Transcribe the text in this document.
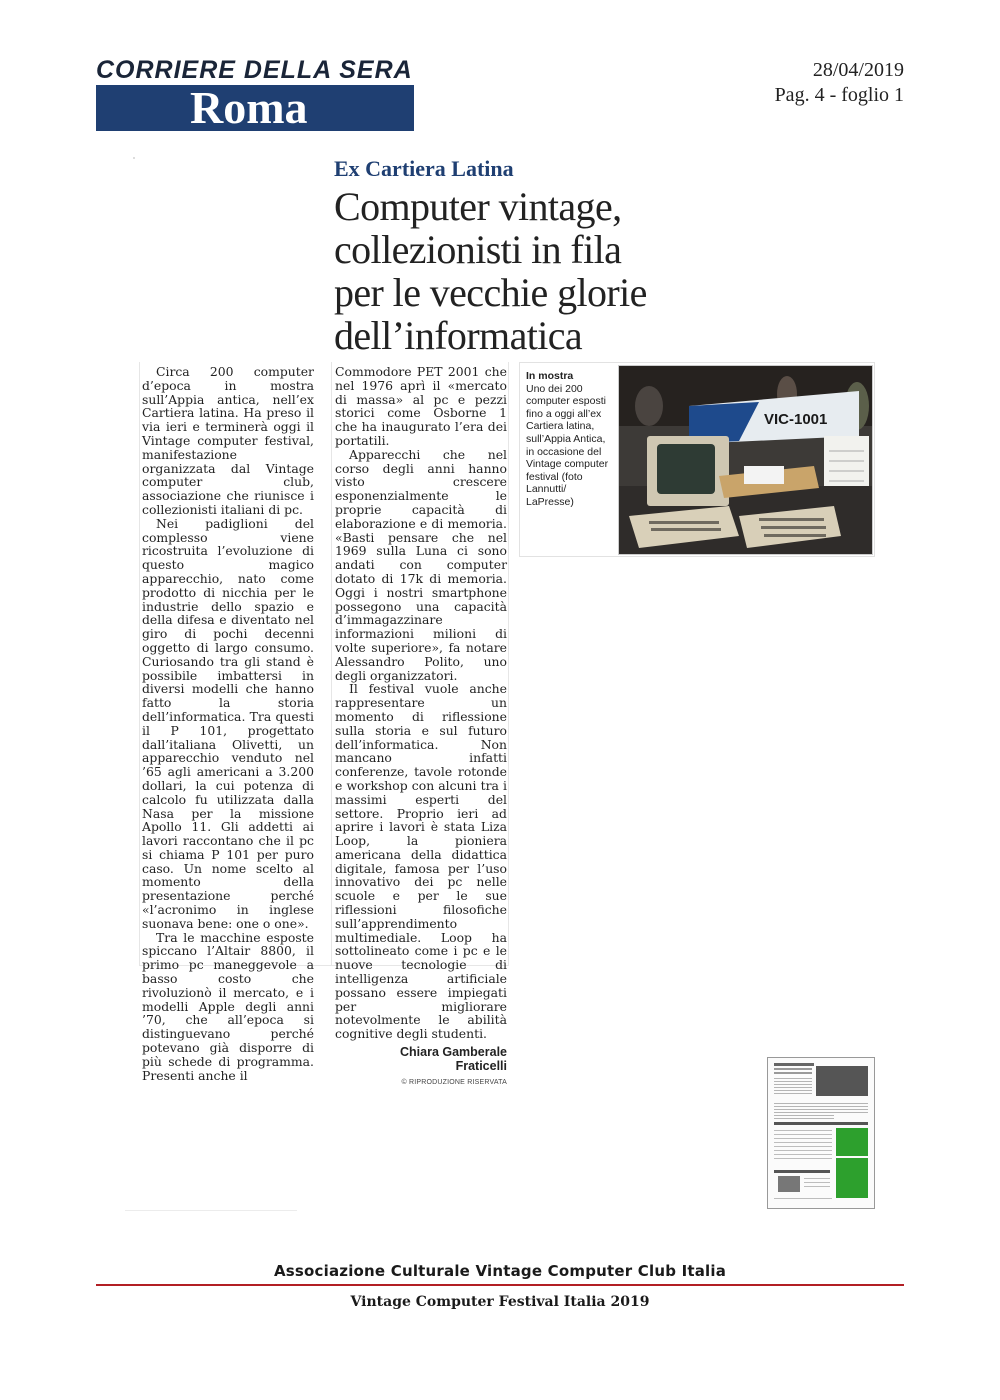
CORRIERE DELLA SERA
Roma
28/04/2019
Pag. 4 - foglio 1
Ex Cartiera Latina
Computer vintage, collezionisti in fila per le vecchie glorie dell’informatica

Circa 200 computer d’epoca in mostra sull’Appia antica, nell’ex Cartiera latina. Ha preso il via ieri e terminerà oggi il Vintage computer festival, manifestazione organizzata dal Vintage computer club, associazione che riunisce i collezionisti italiani di pc.

Nei padiglioni del complesso viene ricostruita l’evoluzione di questo magico apparecchio, nato come prodotto di nicchia per le industrie dello spazio e della difesa e diventato nel giro di pochi decenni oggetto di largo consumo. Curiosando tra gli stand è possibile imbattersi in diversi modelli che hanno fatto la storia dell’informatica. Tra questi il P 101, progettato dall’italiana Olivetti, un apparecchio venduto nel ’65 agli americani a 3.200 dollari, la cui potenza di calcolo fu utilizzata dalla Nasa per la missione Apollo 11. Gli addetti ai lavori raccontano che il pc si chiama P 101 per puro caso. Un nome scelto al momento della presentazione perché «l’acronimo in inglese suonava bene: one o one».

Tra le macchine esposte spiccano l’Altair 8800, il primo pc maneggevole a basso costo che rivoluzionò il mercato, e i modelli Apple degli anni ’70, che all’epoca si distinguevano perché potevano già disporre di più schede di programma. Presenti anche il

Commodore PET 2001 che nel 1976 aprì il «mercato di massa» al pc e pezzi storici come Osborne 1 che ha inaugurato l’era dei portatili.

Apparecchi che nel corso degli anni hanno visto crescere esponenzialmente le proprie capacità di elaborazione e di memoria. «Basti pensare che nel 1969 sulla Luna ci sono andati con computer dotato di 17k di memoria. Oggi i nostri smartphone possegono una capacità d’immagazzinare informazioni milioni di volte superiore», fa notare Alessandro Polito, uno degli organizzatori.

Il festival vuole anche rappresentare un momento di riflessione sulla storia e sul futuro dell’informatica. Non mancano infatti conferenze, tavole rotonde e workshop con alcuni tra i massimi esperti del settore. Proprio ieri ad aprire i lavori è stata Liza Loop, la pioniera americana della didattica digitale, famosa per l’uso innovativo dei pc nelle scuole e per le sue riflessioni filosofiche sull’apprendimento multimediale. Loop ha sottolineato come i pc e le nuove tecnologie di intelligenza artificiale possano essere impiegati per migliorare notevolmente le abilità cognitive degli studenti.

Chiara Gamberale
Fraticelli
© RIPRODUZIONE RISERVATA
In mostra
Uno dei 200 computer esposti fino a oggi all’ex Cartiera latina, sull’Appia Antica, in occasione del Vintage computer festival (foto Lannutti/ LaPresse)
VIC-1001
Associazione Culturale Vintage Computer Club Italia
Vintage Computer Festival Italia 2019
